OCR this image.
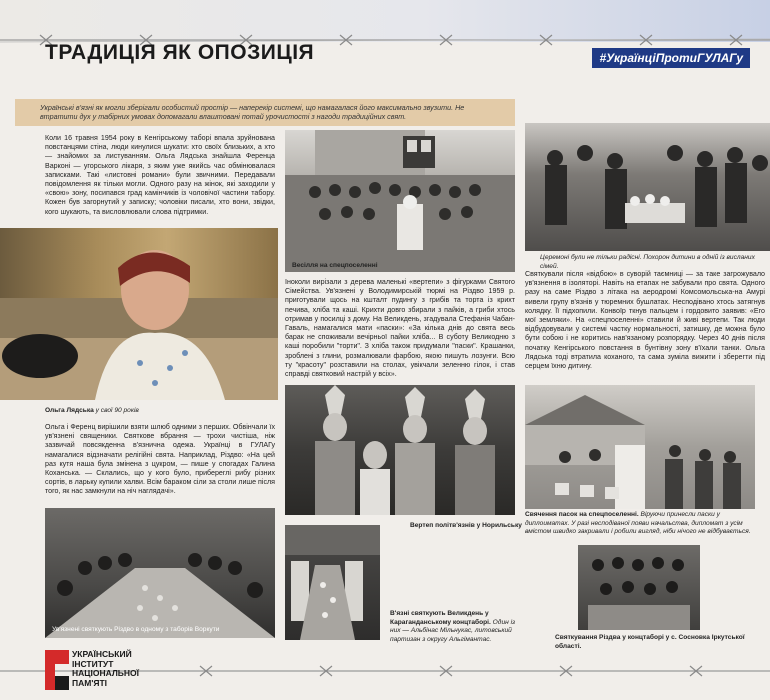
ТРАДИЦІЯ ЯК ОПОЗИЦІЯ	#УкраїнціПротиГУЛАГу
Українські в'язні як могли зберігали особистий простір — наперекір системі, що намагалася його максимально звузити. Не втратити дух у табірних умовах допомагали влаштовані потай урочистості з нагоди традиційних свят.
Коли 16 травня 1954 року в Кенгірському таборі впала зруйнована повстанцями стіна, люди кинулися шукати: хто своїх близьких, а хто — знайомих за листуванням. Ольга Лядська знайшла Ференца Варконі — угорського лікаря, з яким уже якийсь час обмінювалася записками. Такі «листовні романи» були звичними. Передавали повідомлення як тільки могли. Одного разу на жінок, які заходили у «свою» зону, посипався град камінчиків із чоловічої частини табору. Кожен був загорнутий у записку; чоловіки писали, хто вони, звідки, кого шукають, та висловлювали слова підтримки.
Весілля на спецпоселенні
Церемоні були не тільки радісні. Похорон дитини в одній із висланих сімей.
Ольга Лядська у свої 90 років
Іноколи вирізали з дерева маленькі «вертепи» з фігурками Святого Сімейства. Ув'язнені у Володимирській тюрмі на Різдво 1959 р. приготували щось на кшталт пудингу з грибів та торта із крихт печива, хліба та каші. Крихти довго збирали з пайків, а гриби хтось отримав у посилці з дому. На Великдень, згадувала Стефанія Чабан-Гаваль, намагалися мати «паски»: «За кілька днів до свята весь барак не споживали вечірньої пайки хліба... В суботу Великодню з каші поробили "торти". З хліба також придумали "паски". Крашанки, зроблені з глини, розмалювали фарбою, якою пишуть лозунги. Всю ту "красоту" розставили на столах, увікчали зеленню гілок, і став справді святковий настрій у всіх».
Святкували після «відбою» в суворій таємниці — за таке загрожувало ув'язнення в ізоляторі. Навіть на етапах не забували про свята. Одного разу на саме Різдво з літака на аеродромі Комсомольська-на Амурі вивели групу в'язнів у тюремних бушлатах. Несподівано хтось затягнув колядку. Її підхопили. Конвоїр ткнув пальцем і гордовито заявив: «Его мої земляки». На «спецпоселенні» ставили й живі вертепи. Так люди відбудовували у системі частку нормальності, затишку, де можна було бути собою і не коритись нав'язаному розпорядку. Через 40 днів після початку Кенгірського повстання в бунтівну зону в'їхали танки. Ольга Лядська тоді втратила коханого, та сама зуміла вижити і зберегти під серцем їхню дитину.
Ольга і Ференц вирішили взяти шлюб одними з перших. Обвінчали їх ув'язнені священики. Святкове вбрання — трохи чистіша, ніж зазвичай повсякденна в'язнична одежа. Українці в ГУЛАГу намагалися відзначати релігійні свята. Наприклад, Різдво: «На цей раз кутя наша була змінена з цукром, — пише у спогадах Галина Коханська. — Склались, що у кого було, прибереглі рибу різних сортів, в ларьку купили халви. Всім бараком сіли за столи лише після того, як нас замкнули на ніч наглядачі».
Вертеп політв'язнів у Норильську
Свячення пасок на спецпоселенні. Віруючи принесли паски у диплоиматах. У разі несподіваної появи начальства, дипломат з усім вмістом швидко закривали і робили вигляд, ніби нічого не відбувається.
Ув'язнені святкують Різдво в одному з таборів Воркути
В'язні святкують Великдень у Караганданському концтаборі. Один із них — Альбінас Мільнукас, литовський партизан з округу Альгімантас.	Святкування Різдва у концтаборі у с. Сосновка Іркутської області.
УКРАЇНСЬКИЙ
ІНСТИТУТ
НАЦІОНАЛЬНОЇ
ПАМ'ЯТІ
